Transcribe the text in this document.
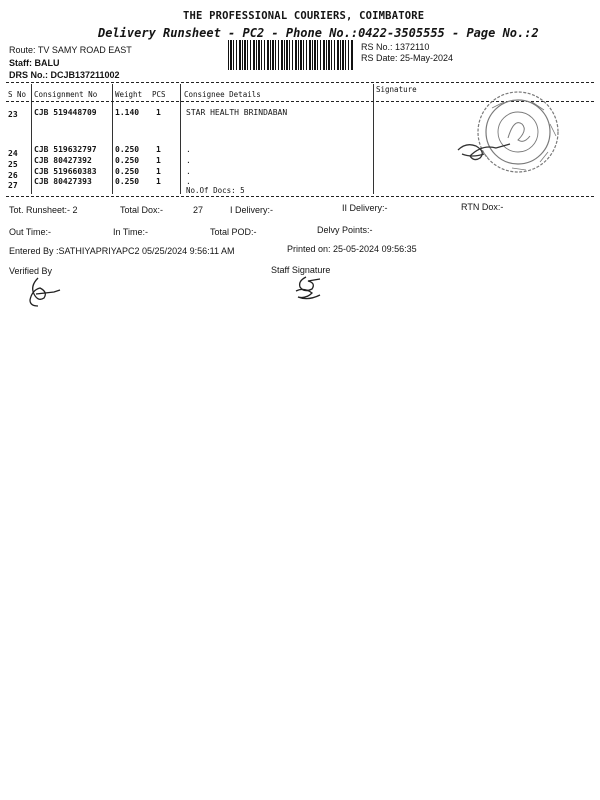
THE PROFESSIONAL COURIERS, COIMBATORE
Delivery Runsheet - PC2 - Phone No.:0422-3505555 - Page No.:2
Route: TV SAMY ROAD EAST
Staff: BALU
DRS No.: DCJB137211002
RS No.: 1372110
RS Date: 25-May-2024
S No Consignment No Weight PCS Consignee Details
Signature
23 CJB 519448709 1.140 1	STAR HEALTH BRINDABAN
24 CJB 519632797 0.250 1	.
25 CJB 80427392	0.250 1	.
26 CJB 519660383 0.250 1	.
27 CJB 80427393	0.250 1	.
No.Of Docs: 5
Tot. Runsheet:- 2	Total Dox:-	27	I Delivery:-	II Delivery:-	RTN Dox:-
Out Time:-	In Time:-	Total POD:-	Delvy Points:-
Entered By :SATHIYAPRIYAPC2 05/25/2024 9:56:11 AM	Printed on: 25-05-2024 09:56:35
Verified By	Staff Signature
